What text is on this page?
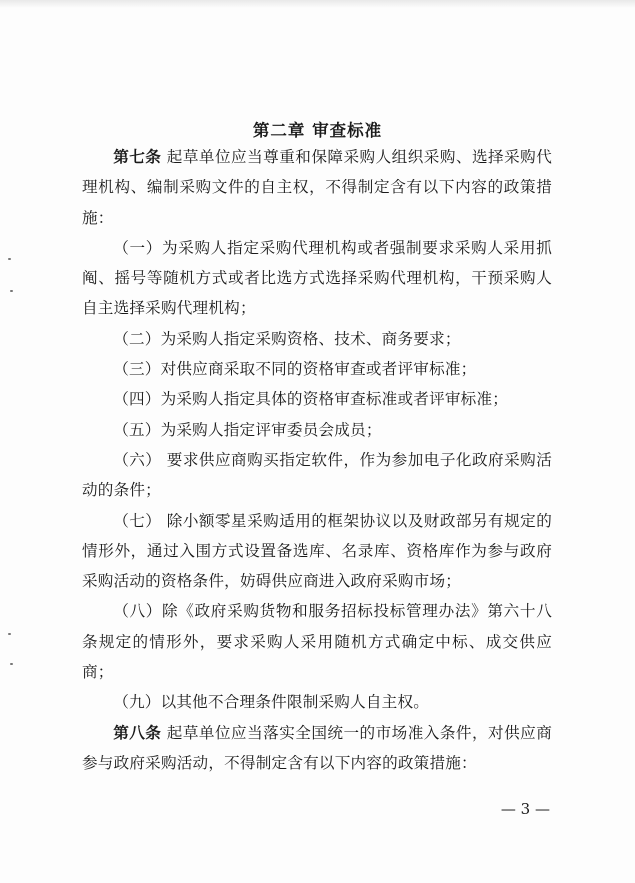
第二章 审查标准

第七条 起草单位应当尊重和保障采购人组织采购、选择采购代理机构、编制采购文件的自主权，不得制定含有以下内容的政策措施：

（一）为采购人指定采购代理机构或者强制要求采购人采用抓阄、摇号等随机方式或者比选方式选择采购代理机构，干预采购人自主选择采购代理机构；

（二）为采购人指定采购资格、技术、商务要求；

（三）对供应商采取不同的资格审查或者评审标准；

（四）为采购人指定具体的资格审查标准或者评审标准；

（五）为采购人指定评审委员会成员；

（六） 要求供应商购买指定软件，作为参加电子化政府采购活动的条件；

（七） 除小额零星采购适用的框架协议以及财政部另有规定的情形外，通过入围方式设置备选库、名录库、资格库作为参与政府采购活动的资格条件，妨碍供应商进入政府采购市场；

（八）除《政府采购货物和服务招标投标管理办法》第六十八条规定的情形外，要求采购人采用随机方式确定中标、成交供应商；

（九）以其他不合理条件限制采购人自主权。

第八条 起草单位应当落实全国统一的市场准入条件，对供应商参与政府采购活动，不得制定含有以下内容的政策措施：

— 3 —
